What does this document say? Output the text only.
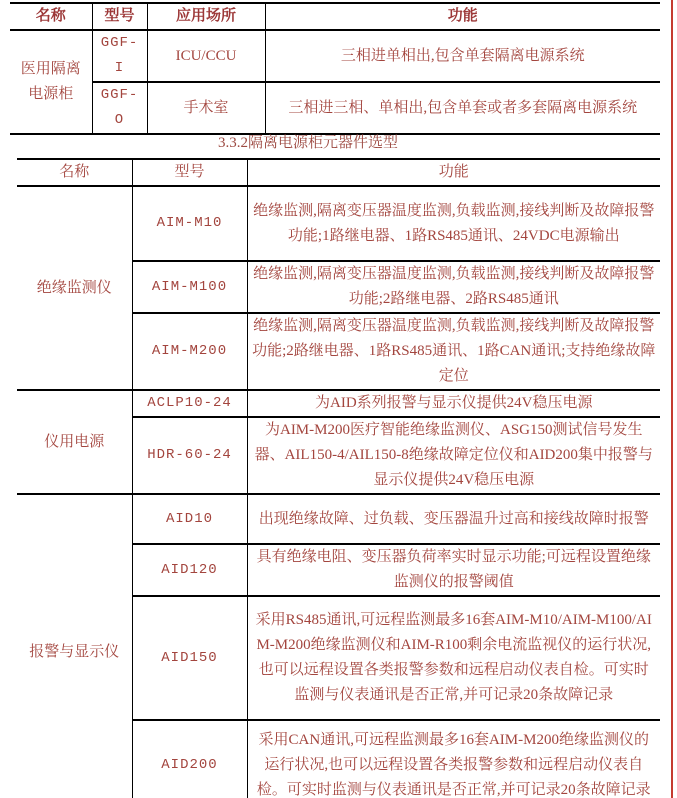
名称	型号	应用场所	功能
医用隔离电源柜	GGF-I	ICU/CCU	三相进单相出,包含单套隔离电源系统
	GGF-O	手术室	三相进三相、单相出,包含单套或者多套隔离电源系统
3.3.2隔离电源柜元器件选型
名称	型号	功能
绝缘监测仪	AIM-M10	绝缘监测,隔离变压器温度监测,负载监测,接线判断及故障报警功能;1路继电器、1路RS485通讯、24VDC电源输出
	AIM-M100	绝缘监测,隔离变压器温度监测,负载监测,接线判断及故障报警功能;2路继电器、2路RS485通讯
	AIM-M200	绝缘监测,隔离变压器温度监测,负载监测,接线判断及故障报警功能;2路继电器、1路RS485通讯、1路CAN通讯;支持绝缘故障定位
仪用电源	ACLP10-24	为AID系列报警与显示仪提供24V稳压电源
	HDR-60-24	为AIM-M200医疗智能绝缘监测仪、ASG150测试信号发生器、AIL150-4/AIL150-8绝缘故障定位仪和AID200集中报警与显示仪提供24V稳压电源
报警与显示仪	AID10	出现绝缘故障、过负载、变压器温升过高和接线故障时报警
	AID120	具有绝缘电阻、变压器负荷率实时显示功能;可远程设置绝缘监测仪的报警阈值
	AID150	采用RS485通讯,可远程监测最多16套AIM-M10/AIM-M100/AIM-M200绝缘监测仪和AIM-R100剩余电流监视仪的运行状况,也可以远程设置各类报警参数和远程启动仪表自检。可实时监测与仪表通讯是否正常,并可记录20条故障记录
	AID200	采用CAN通讯,可远程监测最多16套AIM-M200绝缘监测仪的运行状况,也可以远程设置各类报警参数和远程启动仪表自检。可实时监测与仪表通讯是否正常,并可记录20条故障记录
